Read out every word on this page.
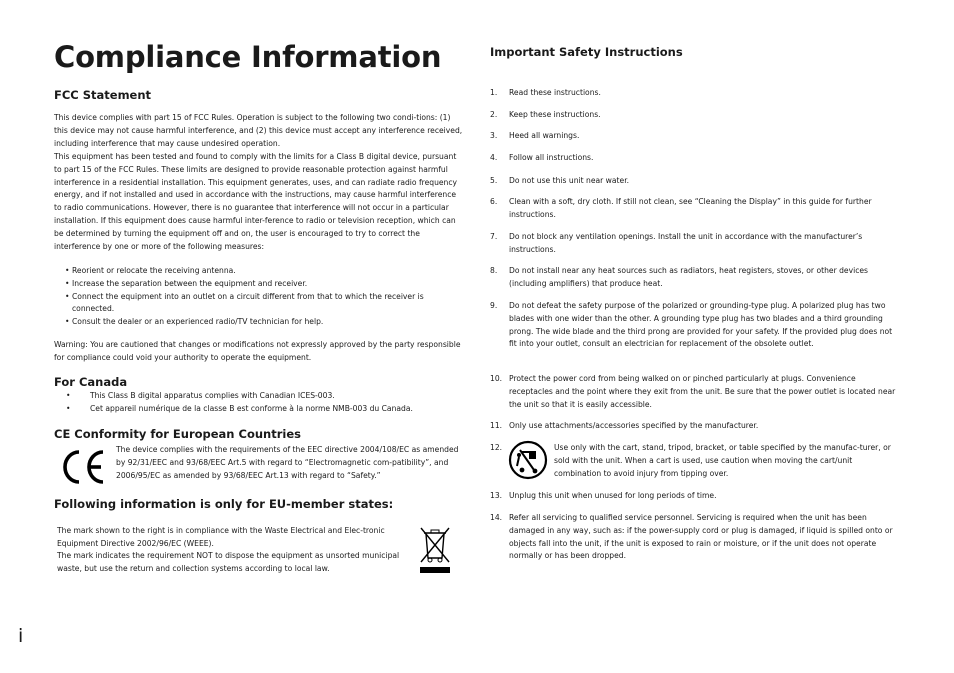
Compliance Information
FCC Statement

This device complies with part 15 of FCC Rules. Operation is subject to the following two condi-tions: (1) this device may not cause harmful interference, and (2) this device must accept any interference received, including interference that may cause undesired operation.

This equipment has been tested and found to comply with the limits for a Class B digital device, pursuant to part 15 of the FCC Rules. These limits are designed to provide reasonable protection against harmful interference in a residential installation. This equipment generates, uses, and can radiate radio frequency energy, and if not installed and used in accordance with the instructions, may cause harmful interference to radio communications. However, there is no guarantee that interference will not occur in a particular installation. If this equipment does cause harmful inter-ference to radio or television reception, which can be determined by turning the equipment off and on, the user is encouraged to try to correct the interference by one or more of the following measures:

• Reorient or relocate the receiving antenna.
• Increase the separation between the equipment and receiver.
• Connect the equipment into an outlet on a circuit different from that to which the receiver is connected.
• Consult the dealer or an experienced radio/TV technician for help.

Warning: You are cautioned that changes or modifications not expressly approved by the party responsible for compliance could void your authority to operate the equipment.

For Canada
• This Class B digital apparatus complies with Canadian ICES-003.
• Cet appareil numérique de la classe B est conforme à la norme NMB-003 du Canada.
CE Conformity for European Countries

The device complies with the requirements of the EEC directive 2004/108/EC as amended by 92/31/EEC and 93/68/EEC Art.5 with regard to “Electromagnetic com-patibility”, and 2006/95/EC as amended by 93/68/EEC Art.13 with regard to “Safety.”

Following information is only for EU-member states:

The mark shown to the right is in compliance with the Waste Electrical and Elec-tronic Equipment Directive 2002/96/EC (WEEE).

The mark indicates the requirement NOT to dispose the equipment as unsorted municipal waste, but use the return and collection systems according to local law.

Important Safety Instructions
1.	Read these instructions.
2.	Keep these instructions.
3.	Heed all warnings.
4.	Follow all instructions.
5.	Do not use this unit near water.
6.	Clean with a soft, dry cloth. If still not clean, see “Cleaning the Display” in this guide for further instructions.
7.	Do not block any ventilation openings. Install the unit in accordance with the manufacturer’s instructions.
8.	Do not install near any heat sources such as radiators, heat registers, stoves, or other devices (including amplifiers) that produce heat.
9.	Do not defeat the safety purpose of the polarized or grounding-type plug. A polarized plug has two blades with one wider than the other. A grounding type plug has two blades and a third grounding prong. The wide blade and the third prong are provided for your safety. If the provided plug does not fit into your outlet, consult an electrician for replacement of the obsolete outlet.
10. Protect the power cord from being walked on or pinched particularly at plugs. Convenience receptacles and the point where they exit from the unit. Be sure that the power outlet is located near the unit so that it is easily accessible.
11. Only use attachments/accessories specified by the manufacturer.
12.	Use only with the cart, stand, tripod, bracket, or table specified by the manufac-turer, or sold with the unit. When a cart is used, use caution when moving the cart/unit combination to avoid injury from tipping over.
13. Unplug this unit when unused for long periods of time.
14. Refer all servicing to qualified service personnel. Servicing is required when the unit has been damaged in any way, such as: if the power-supply cord or plug is damaged, if liquid is spilled onto or objects fall into the unit, if the unit is exposed to rain or moisture, or if the unit does not operate normally or has been dropped.
i
